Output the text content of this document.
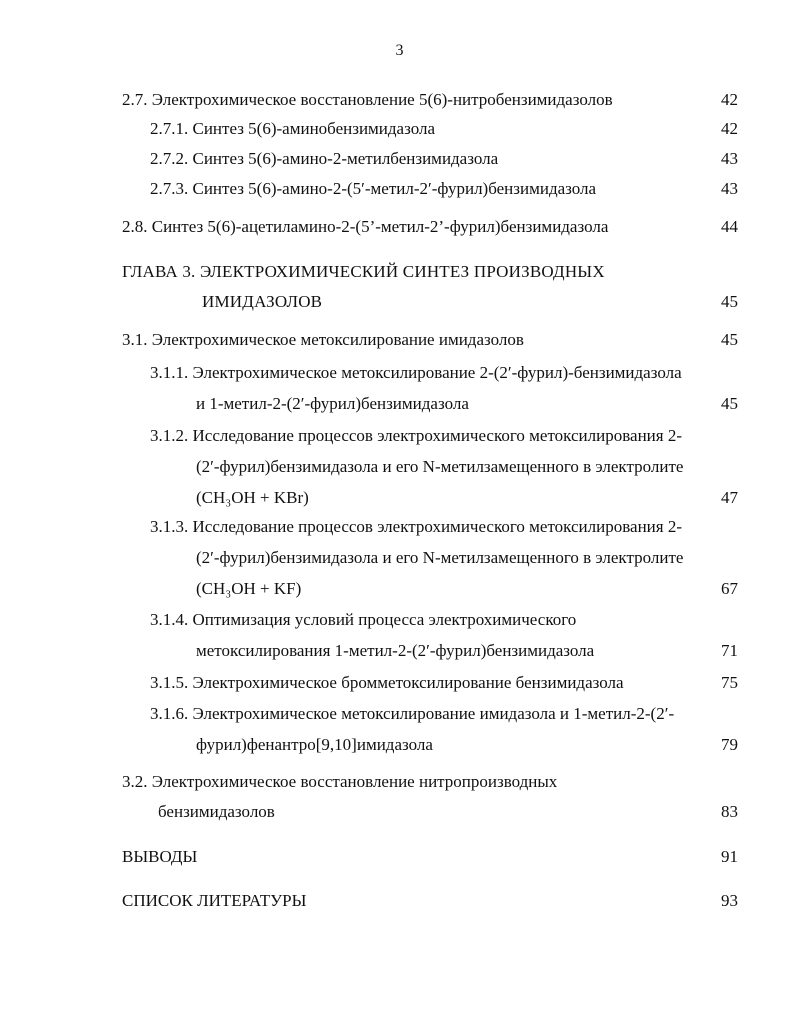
3
2.7. Электрохимическое восстановление 5(6)-нитробензимидазолов	42
2.7.1. Синтез 5(6)-аминобензимидазола	42
2.7.2. Синтез 5(6)-амино-2-метилбензимидазола	43
2.7.3. Синтез 5(6)-амино-2-(5′-метил-2′-фурил)бензимидазола	43
2.8. Синтез 5(6)-ацетиламино-2-(5’-метил-2’-фурил)бензимидазола	44
ГЛАВА 3. ЭЛЕКТРОХИМИЧЕСКИЙ СИНТЕЗ ПРОИЗВОДНЫХ
ИМИДАЗОЛОВ	45
3.1. Электрохимическое метоксилирование имидазолов	45
3.1.1. Электрохимическое метоксилирование 2-(2′-фурил)-бензимидазола
и 1-метил-2-(2′-фурил)бензимидазола	45
3.1.2. Исследование процессов электрохимического метоксилирования 2-
(2′-фурил)бензимидазола и его N-метилзамещенного в электролите
(CH₃OH + KBr)	47
3.1.3. Исследование процессов электрохимического метоксилирования 2-
(2′-фурил)бензимидазола и его N-метилзамещенного в электролите
(CH₃OH + KF)	67
3.1.4. Оптимизация условий процесса электрохимического
метоксилирования 1-метил-2-(2′-фурил)бензимидазола	71
3.1.5. Электрохимическое бромметоксилирование бензимидазола	75
3.1.6. Электрохимическое метоксилирование имидазола и 1-метил-2-(2′-
фурил)фенантро[9,10]имидазола	79
3.2. Электрохимическое восстановление нитропроизводных
бензимидазолов	83
ВЫВОДЫ	91
СПИСОК ЛИТЕРАТУРЫ	93
